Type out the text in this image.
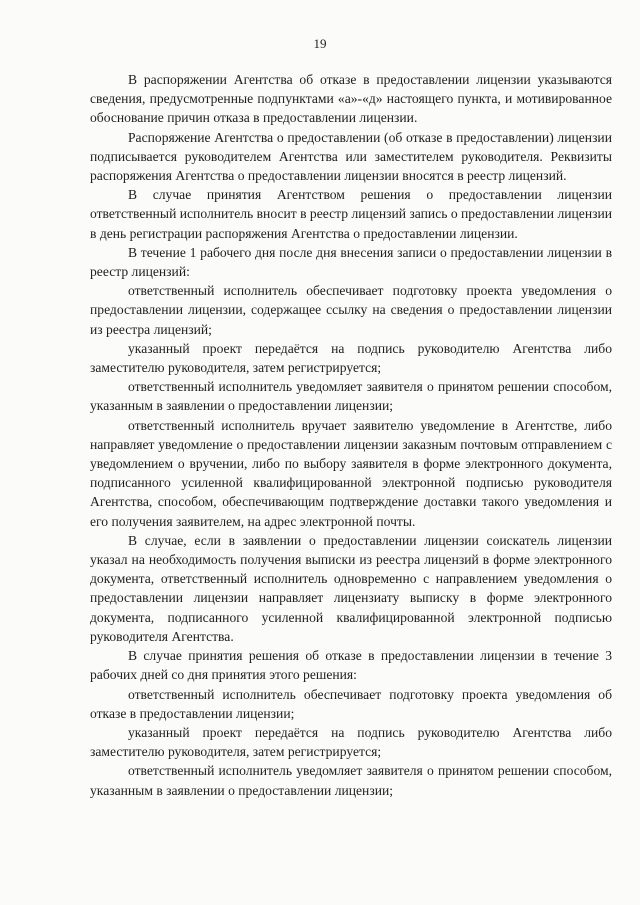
19

В распоряжении Агентства об отказе в предоставлении лицензии указываются сведения, предусмотренные подпунктами «а»-«д» настоящего пункта, и мотивированное обоснование причин отказа в предоставлении лицензии.

Распоряжение Агентства о предоставлении (об отказе в предоставлении) лицензии подписывается руководителем Агентства или заместителем руководителя. Реквизиты распоряжения Агентства о предоставлении лицензии вносятся в реестр лицензий.

В случае принятия Агентством решения о предоставлении лицензии ответственный исполнитель вносит в реестр лицензий запись о предоставлении лицензии в день регистрации распоряжения Агентства о предоставлении лицензии.

В течение 1 рабочего дня после дня внесения записи о предоставлении лицензии в реестр лицензий:

ответственный исполнитель обеспечивает подготовку проекта уведомления о предоставлении лицензии, содержащее ссылку на сведения о предоставлении лицензии из реестра лицензий;

указанный проект передаётся на подпись руководителю Агентства либо заместителю руководителя, затем регистрируется;

ответственный исполнитель уведомляет заявителя о принятом решении способом, указанным в заявлении о предоставлении лицензии;

ответственный исполнитель вручает заявителю уведомление в Агентстве, либо направляет уведомление о предоставлении лицензии заказным почтовым отправлением с уведомлением о вручении, либо по выбору заявителя в форме электронного документа, подписанного усиленной квалифицированной электронной подписью руководителя Агентства, способом, обеспечивающим подтверждение доставки такого уведомления и его получения заявителем, на адрес электронной почты.

В случае, если в заявлении о предоставлении лицензии соискатель лицензии указал на необходимость получения выписки из реестра лицензий в форме электронного документа, ответственный исполнитель одновременно с направлением уведомления о предоставлении лицензии направляет лицензиату выписку в форме электронного документа, подписанного усиленной квалифицированной электронной подписью руководителя Агентства.

В случае принятия решения об отказе в предоставлении лицензии в течение 3 рабочих дней со дня принятия этого решения:

ответственный исполнитель обеспечивает подготовку проекта уведомления об отказе в предоставлении лицензии;

указанный проект передаётся на подпись руководителю Агентства либо заместителю руководителя, затем регистрируется;

ответственный исполнитель уведомляет заявителя о принятом решении способом, указанным в заявлении о предоставлении лицензии;
